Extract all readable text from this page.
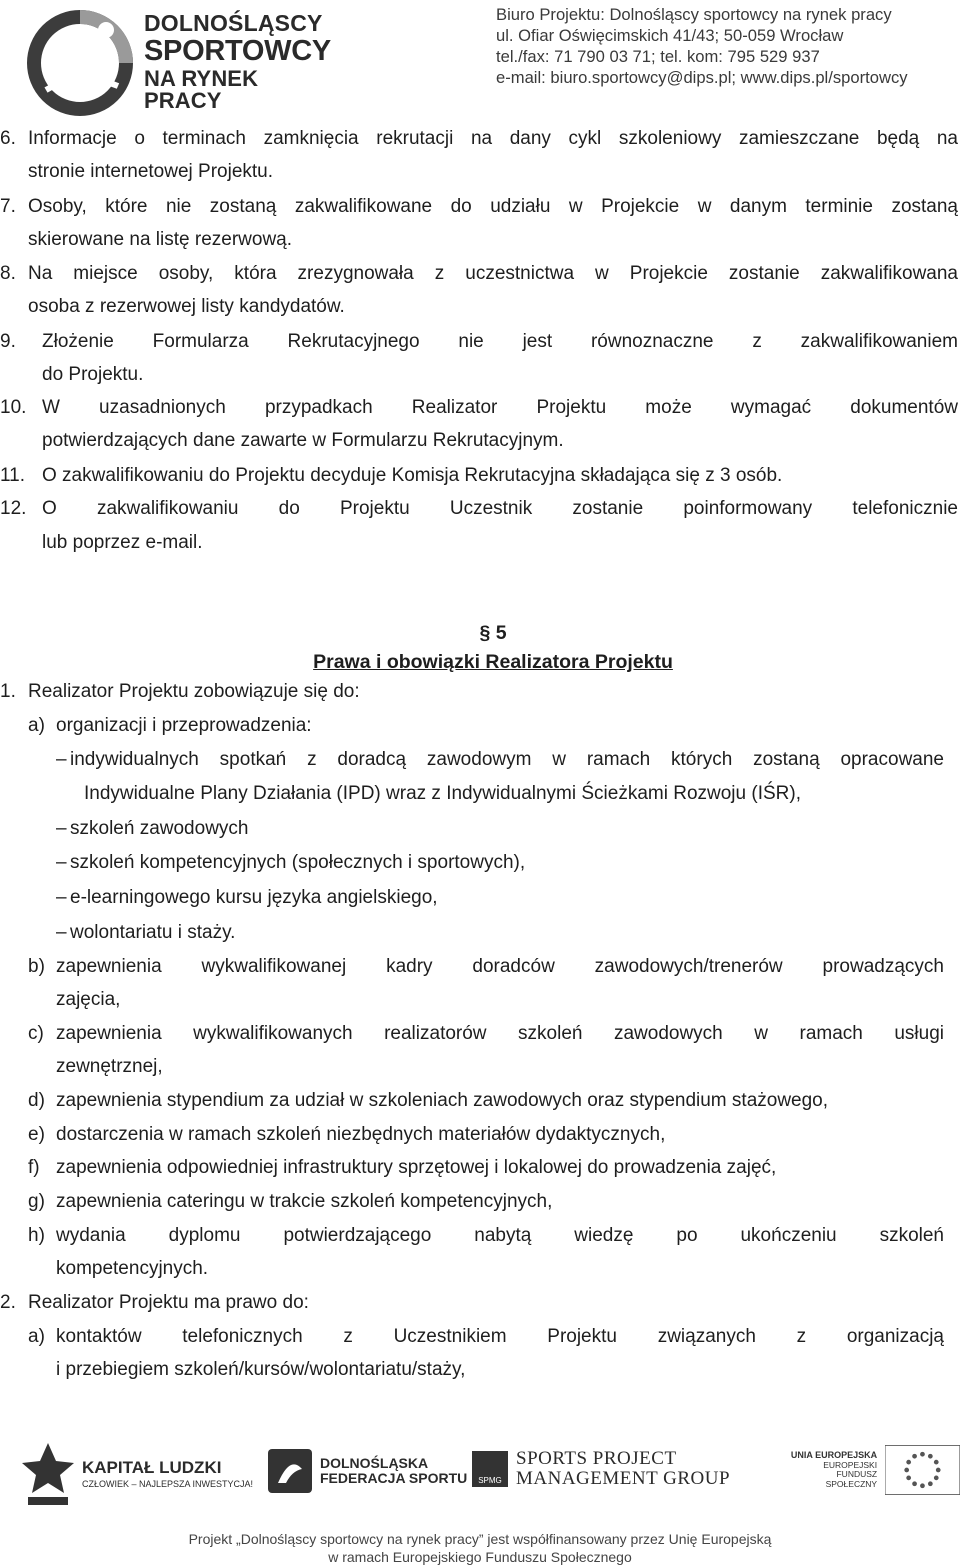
DOLNOŚLĄSCY
SPORTOWCY
NA RYNEK PRACY
Biuro Projektu: Dolnośląscy sportowcy na rynek pracy
ul. Ofiar Oświęcimskich 41/43; 50-059 Wrocław
tel./fax: 71 790 03 71; tel. kom: 795 529 937
e-mail: biuro.sportowcy@dips.pl; www.dips.pl/sportowcy
6. Informacje o terminach zamknięcia rekrutacji na dany cykl szkoleniowy zamieszczane będą na
stronie internetowej Projektu.
7. Osoby, które nie zostaną zakwalifikowane do udziału w Projekcie w danym terminie zostaną
skierowane na listę rezerwową.
8. Na miejsce osoby, która zrezygnowała z uczestnictwa w Projekcie zostanie zakwalifikowana
osoba z rezerwowej listy kandydatów.
9. Złożenie Formularza Rekrutacyjnego nie jest równoznaczne z zakwalifikowaniem
do Projektu.
10. W uzasadnionych przypadkach Realizator Projektu może wymagać dokumentów
potwierdzających dane zawarte w Formularzu Rekrutacyjnym.
11. O zakwalifikowaniu do Projektu decyduje Komisja Rekrutacyjna składająca się z 3 osób.
12. O zakwalifikowaniu do Projektu Uczestnik zostanie poinformowany telefonicznie
lub poprzez e-mail.
§ 5
Prawa i obowiązki Realizatora Projektu
1. Realizator Projektu zobowiązuje się do:
a) organizacji i przeprowadzenia:
– indywidualnych spotkań z doradcą zawodowym w ramach których zostaną opracowane
Indywidualne Plany Działania (IPD) wraz z Indywidualnymi Ścieżkami Rozwoju (IŚR),
– szkoleń zawodowych
– szkoleń kompetencyjnych (społecznych i sportowych),
– e-learningowego kursu języka angielskiego,
– wolontariatu i staży.
b) zapewnienia wykwalifikowanej kadry doradców zawodowych/trenerów prowadzących
zajęcia,
c) zapewnienia wykwalifikowanych realizatorów szkoleń zawodowych w ramach usługi
zewnętrznej,
d) zapewnienia stypendium za udział w szkoleniach zawodowych oraz stypendium stażowego,
e) dostarczenia w ramach szkoleń niezbędnych materiałów dydaktycznych,
f) zapewnienia odpowiedniej infrastruktury sprzętowej i lokalowej do prowadzenia zajęć,
g) zapewnienia cateringu w trakcie szkoleń kompetencyjnych,
h) wydania dyplomu potwierdzającego nabytą wiedzę po ukończeniu szkoleń
kompetencyjnych.
2. Realizator Projektu ma prawo do:
a) kontaktów telefonicznych z Uczestnikiem Projektu związanych z organizacją
i przebiegiem szkoleń/kursów/wolontariatu/staży,
KAPITAŁ LUDZKI
CZŁOWIEK – NAJLEPSZA INWESTYCJA!
DOLNOŚLĄSKA
FEDERACJA SPORTU	SPMG
SPORTS PROJECT
MANAGEMENT GROUP
UNIA EUROPEJSKA
EUROPEJSKI
FUNDUSZ SPOŁECZNY
Projekt „Dolnośląscy sportowcy na rynek pracy” jest współfinansowany przez Unię Europejską
w ramach Europejskiego Funduszu Społecznego
